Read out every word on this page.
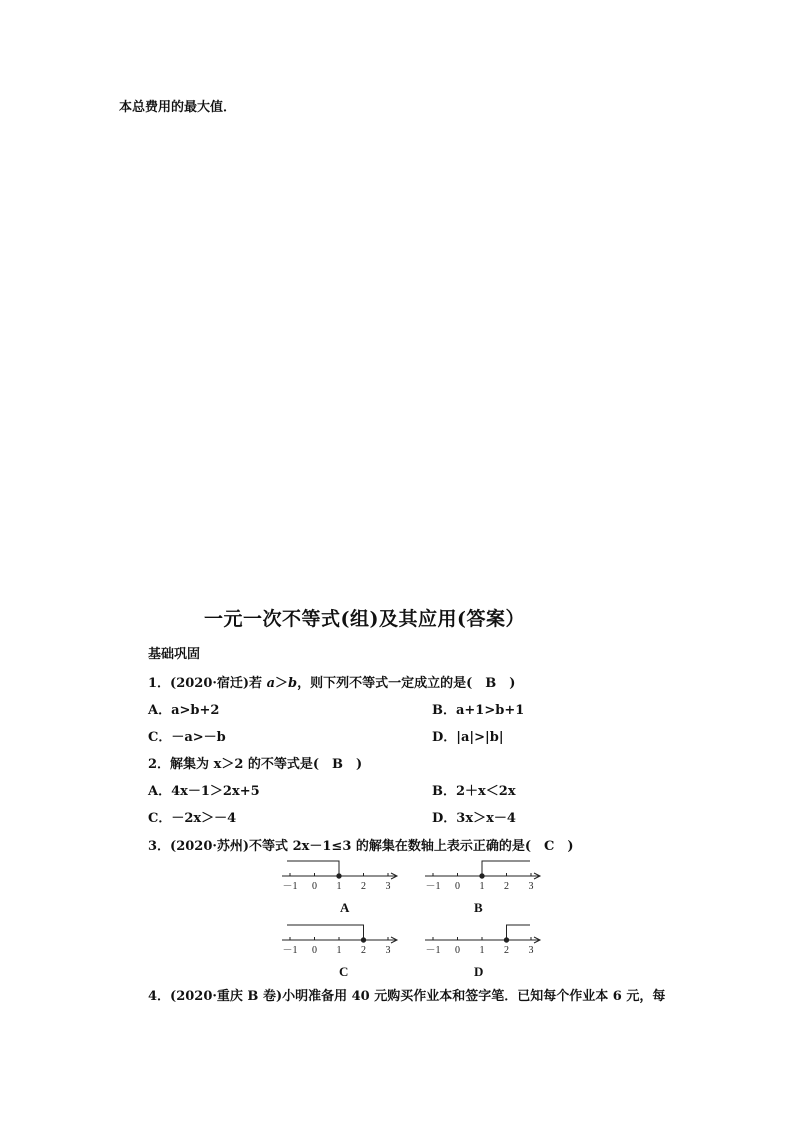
本总费用的最大值．
一元一次不等式(组)及其应用(答案）
基础巩固
1．(2020·宿迁)若 a＞b，则下列不等式一定成立的是(　B　)
A．a>b+2	B．a+1>b+1
C．－a>－b	D．|a|>|b|
2．解集为 x＞2 的不等式是(　B　)
A．4x－1＞2x+5	B．2＋x＜2x
C．－2x＞－4	D．3x＞x－4
3．(2020·苏州)不等式 2x－1≤3 的解集在数轴上表示正确的是(　C　)
－1 0 1 2 3
A
－1 0 1 2 3
B
－1 0 1 2 3
C
－1 0 1 2 3
D
4．(2020·重庆 B 卷)小明准备用 40 元购买作业本和签字笔．已知每个作业本 6 元，每
